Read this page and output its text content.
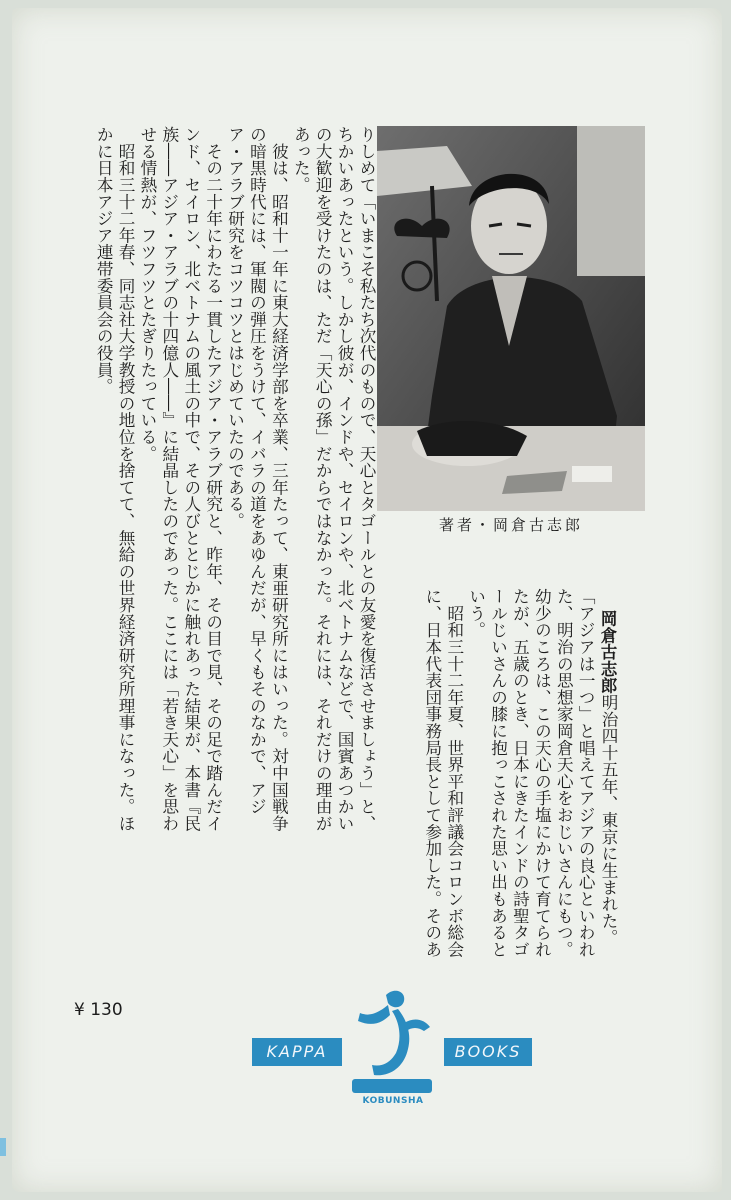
著者・岡倉古志郎

岡倉古志郎明治四十五年、東京に生まれた。「アジアは一つ」と唱えてアジアの良心といわれた、明治の思想家岡倉天心をおじいさんにもつ。幼少のころは、この天心の手塩にかけて育てられたが、五歳のとき、日本にきたインドの詩聖タゴールじいさんの膝に抱っこされた思い出もあるという。
　昭和三十二年夏、世界平和評議会コロンボ総会に、日本代表団事務局長として参加した。そのあ

りしめて「いまこそ私たち次代のもので、天心とタゴールとの友愛を復活させましょう」と、ちかいあったという。しかし彼が、インドや、セイロンや、北ベトナムなどで、国賓あつかいの大歓迎を受けたのは、ただ「天心の孫」だからではなかった。それには、それだけの理由があった。
　彼は、昭和十一年に東大経済学部を卒業、三年たって、東亜研究所にはいった。対中国戦争の暗黒時代には、軍閥の弾圧をうけて、イバラの道をあゆんだが、早くもそのなかで、アジア・アラブ研究をコツコツとはじめていたのである。
　その二十年にわたる一貫したアジア・アラブ研究と、昨年、その目で見、その足で踏んだインド、セイロン、北ベトナムの風土の中で、その人びととじかに触れあった結果が、本書『民族――アジア・アラブの十四億人――』に結晶したのであった。ここには「若き天心」を思わせる情熱が、フツフツとたぎりたっている。
　昭和三十二年春、同志社大学教授の地位を捨てて、無給の世界経済研究所理事になった。ほかに日本アジア連帯委員会の役員。
¥ 130
KAPPA	BOOKS
KOBUNSHA
